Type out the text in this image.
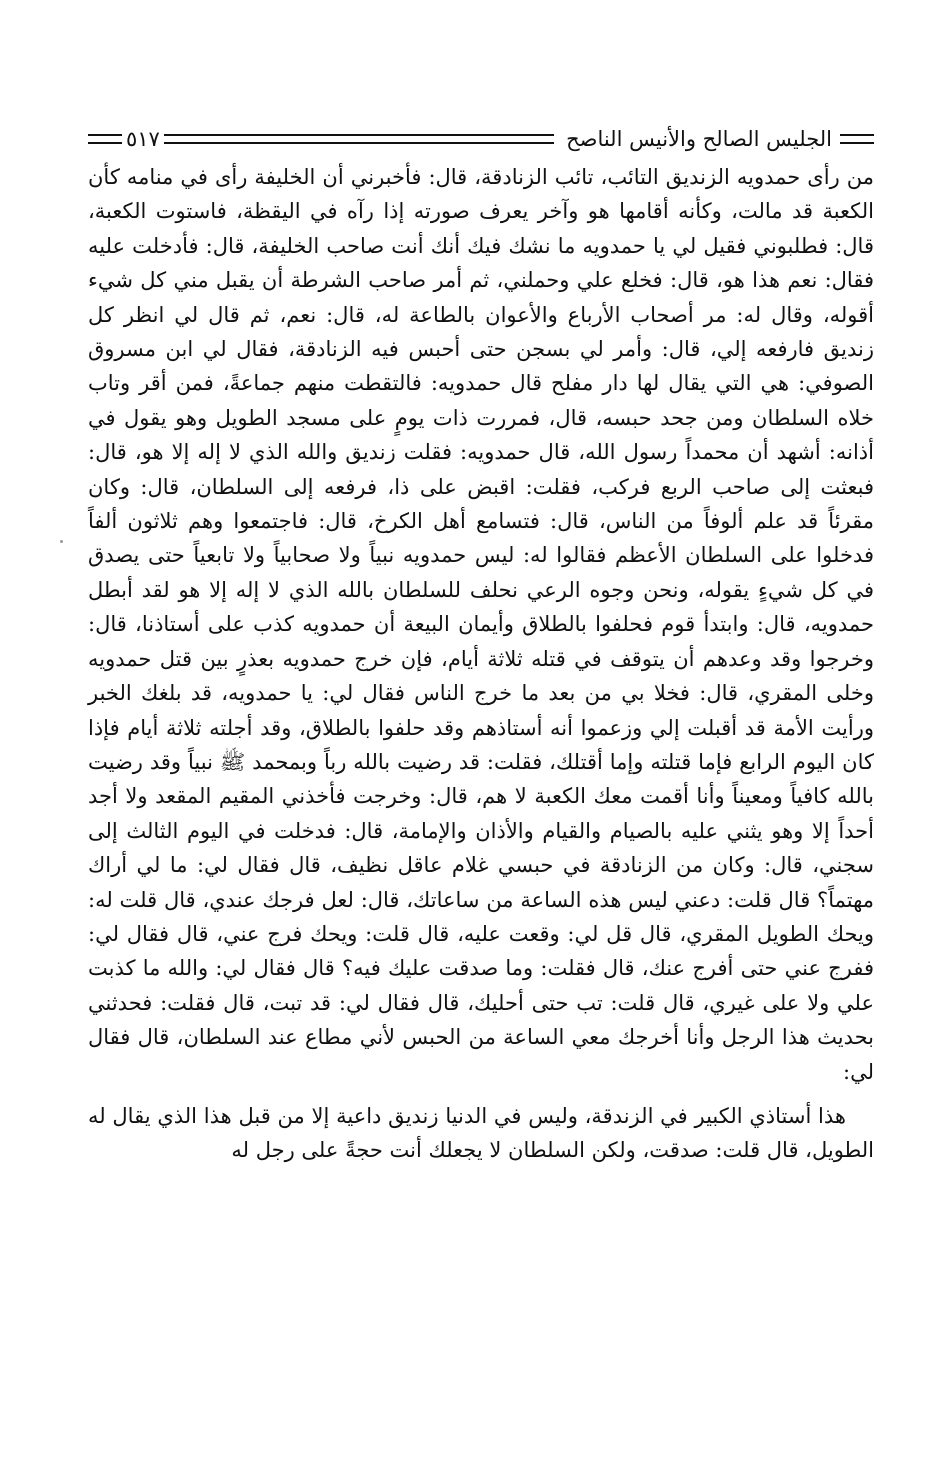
الجليس الصالح والأنيس الناصح
٥١٧

من رأى حمدويه الزنديق التائب، تائب الزنادقة، قال: فأخبرني أن الخليفة رأى في منامه كأن الكعبة قد مالت، وكأنه أقامها هو وآخر يعرف صورته إذا رآه في اليقظة، فاستوت الكعبة، قال: فطلبوني فقيل لي يا حمدويه ما نشك فيك أنك أنت صاحب الخليفة، قال: فأدخلت عليه فقال: نعم هذا هو، قال: فخلع علي وحملني، ثم أمر صاحب الشرطة أن يقبل مني كل شيء أقوله، وقال له: مر أصحاب الأرباع والأعوان بالطاعة له، قال: نعم، ثم قال لي انظر كل زنديق فارفعه إلي، قال: وأمر لي بسجن حتى أحبس فيه الزنادقة، فقال لي ابن مسروق الصوفي: هي التي يقال لها دار مفلح قال حمدويه: فالتقطت منهم جماعةً، فمن أقر وتاب خلاه السلطان ومن جحد حبسه، قال، فمررت ذات يومٍ على مسجد الطويل وهو يقول في أذانه: أشهد أن محمداً رسول الله، قال حمدويه: فقلت زنديق والله الذي لا إله إلا هو، قال: فبعثت إلى صاحب الربع فركب، فقلت: اقبض على ذا، فرفعه إلى السلطان، قال: وكان مقرئاً قد علم ألوفاً من الناس، قال: فتسامع أهل الكرخ، قال: فاجتمعوا وهم ثلاثون ألفاً فدخلوا على السلطان الأعظم فقالوا له: ليس حمدويه نبياً ولا صحابياً ولا تابعياً حتى يصدق في كل شيءٍ يقوله، ونحن وجوه الرعي نحلف للسلطان بالله الذي لا إله إلا هو لقد أبطل حمدويه، قال: وابتدأ قوم فحلفوا بالطلاق وأيمان البيعة أن حمدويه كذب على أستاذنا، قال: وخرجوا وقد وعدهم أن يتوقف في قتله ثلاثة أيام، فإن خرج حمدويه بعذرٍ بين قتل حمدويه وخلى المقري، قال: فخلا بي من بعد ما خرج الناس فقال لي: يا حمدويه، قد بلغك الخبر ورأيت الأمة قد أقبلت إلي وزعموا أنه أستاذهم وقد حلفوا بالطلاق، وقد أجلته ثلاثة أيام فإذا كان اليوم الرابع فإما قتلته وإما أقتلك، فقلت: قد رضيت بالله رباً وبمحمد ﷺ نبياً وقد رضيت بالله كافياً ومعيناً وأنا أقمت معك الكعبة لا هم، قال: وخرجت فأخذني المقيم المقعد ولا أجد أحداً إلا وهو يثني عليه بالصيام والقيام والأذان والإمامة، قال: فدخلت في اليوم الثالث إلى سجني، قال: وكان من الزنادقة في حبسي غلام عاقل نظيف، قال فقال لي: ما لي أراك مهتماً؟ قال قلت: دعني ليس هذه الساعة من ساعاتك، قال: لعل فرجك عندي، قال قلت له: ويحك الطويل المقري، قال قل لي: وقعت عليه، قال قلت: ويحك فرج عني، قال فقال لي: ففرج عني حتى أفرج عنك، قال فقلت: وما صدقت عليك فيه؟ قال فقال لي: والله ما كذبت علي ولا على غيري، قال قلت: تب حتى أحليك، قال فقال لي: قد تبت، قال فقلت: فحدثني بحديث هذا الرجل وأنا أخرجك معي الساعة من الحبس لأني مطاع عند السلطان، قال فقال لي:

هذا أستاذي الكبير في الزندقة، وليس في الدنيا زنديق داعية إلا من قبل هذا الذي يقال له الطويل، قال قلت: صدقت، ولكن السلطان لا يجعلك أنت حجةً على رجل له
